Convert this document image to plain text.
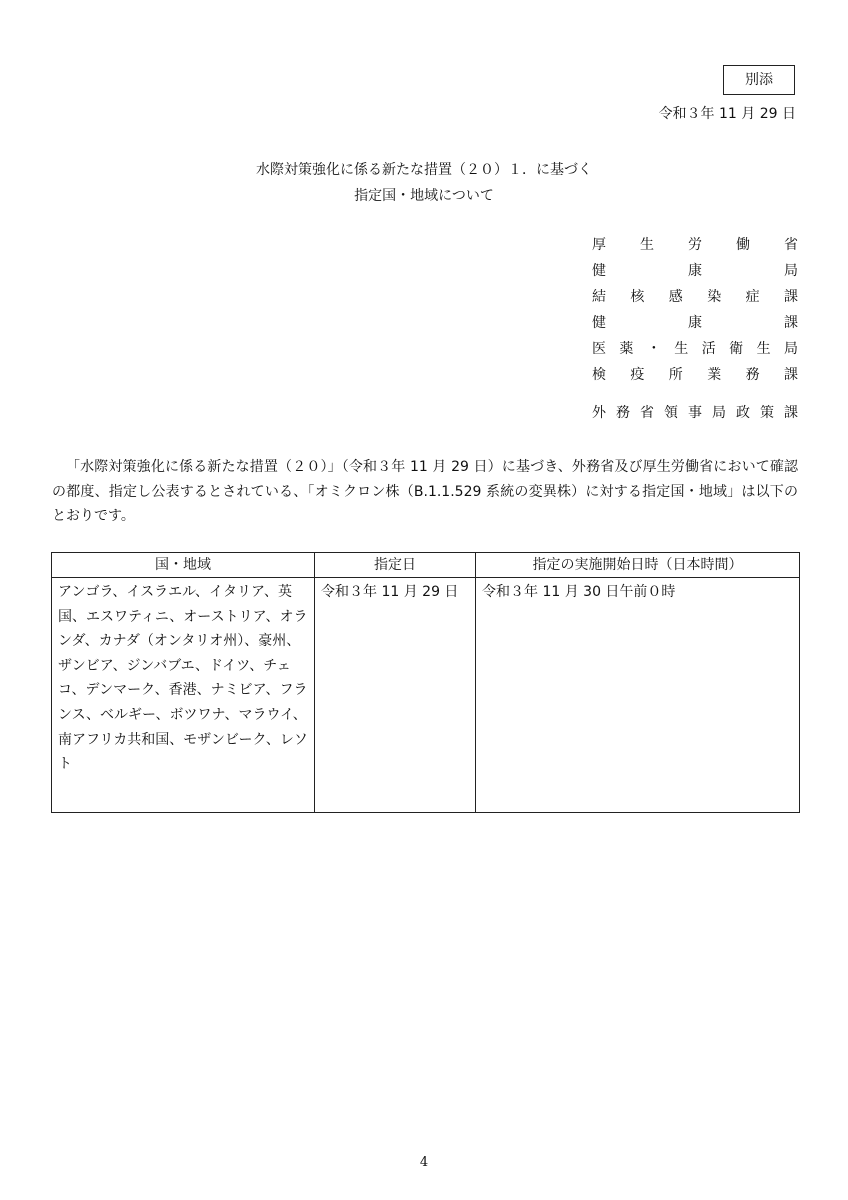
別添
令和３年 11 月 29 日
水際対策強化に係る新たな措置（２０）１．に基づく
指定国・地域について
厚生労働省
健康局
結核感染症課
健康課
医薬・生活衛生局
検疫所業務課
外務省領事局政策課
「水際対策強化に係る新たな措置（２０）」（令和３年 11 月 29 日）に基づき、外務省及び厚生労働省において確認の都度、指定し公表するとされている、「オミクロン株（B.1.1.529 系統の変異株）に対する指定国・地域」は以下のとおりです。
国・地域	指定日	指定の実施開始日時（日本時間）
アンゴラ、イスラエル、イタリア、英国、エスワティニ、オーストリア、オランダ、カナダ（オンタリオ州）、豪州、ザンビア、ジンバブエ、ドイツ、チェコ、デンマーク、香港、ナミビア、フランス、ベルギー、ボツワナ、マラウイ、南アフリカ共和国、モザンビーク、レソト	令和３年 11 月 29 日	令和３年 11 月 30 日午前０時
4
